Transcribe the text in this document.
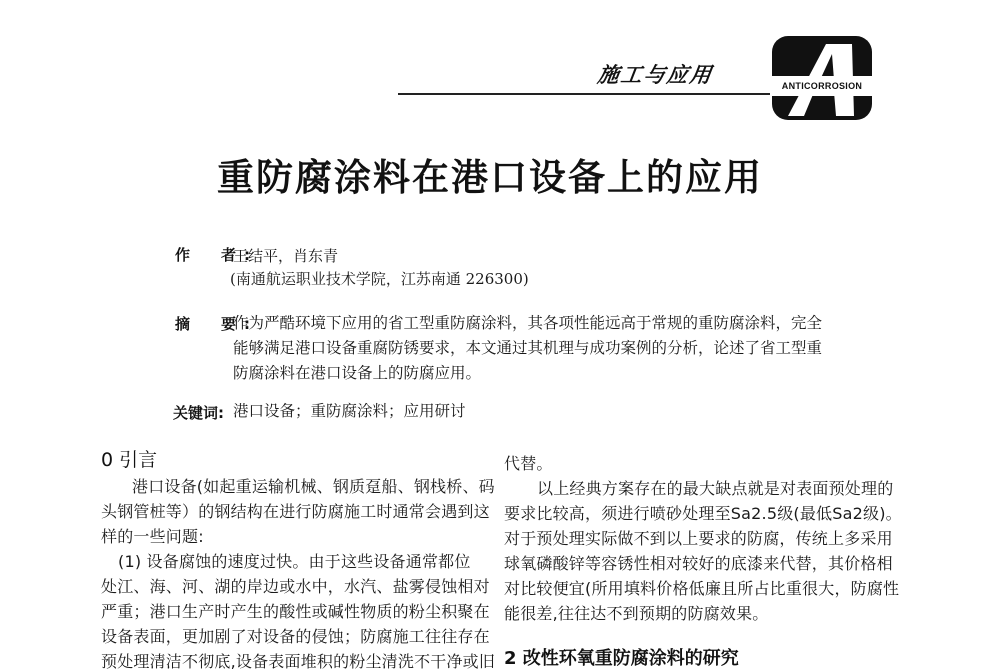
施工与应用	ANTICORROSION
重防腐涂料在港口设备上的应用
作　者:
王结平，肖东青
(南通航运职业技术学院，江苏南通 226300)
摘　要:
作为严酷环境下应用的省工型重防腐涂料，其各项性能远高于常规的重防腐涂料，完全
能够满足港口设备重腐防锈要求，本文通过其机理与成功案例的分析，论述了省工型重
防腐涂料在港口设备上的防腐应用。
关键词: 港口设备；重防腐涂料；应用研讨
0 引言
港口设备(如起重运输机械、钢质趸船、钢栈桥、码
头钢管桩等）的钢结构在进行防腐施工时通常会遇到这
样的一些问题:
(1) 设备腐蚀的速度过快。由于这些设备通常都位
处江、海、河、湖的岸边或水中，水汽、盐雾侵蚀相对
严重；港口生产时产生的酸性或碱性物质的粉尘积聚在
设备表面，更加剧了对设备的侵蚀；防腐施工往往存在
预处理清洁不彻底,设备表面堆积的粉尘清洗不干净或旧
代替。
以上经典方案存在的最大缺点就是对表面预处理的
要求比较高，须进行喷砂处理至Sa2.5级(最低Sa2级)。
对于预处理实际做不到以上要求的防腐，传统上多采用
球氧磷酸锌等容锈性相对较好的底漆来代替，其价格相
对比较便宜(所用填料价格低廉且所占比重很大，防腐性
能很差,往往达不到预期的防腐效果。
2 改性环氧重防腐涂料的研究
